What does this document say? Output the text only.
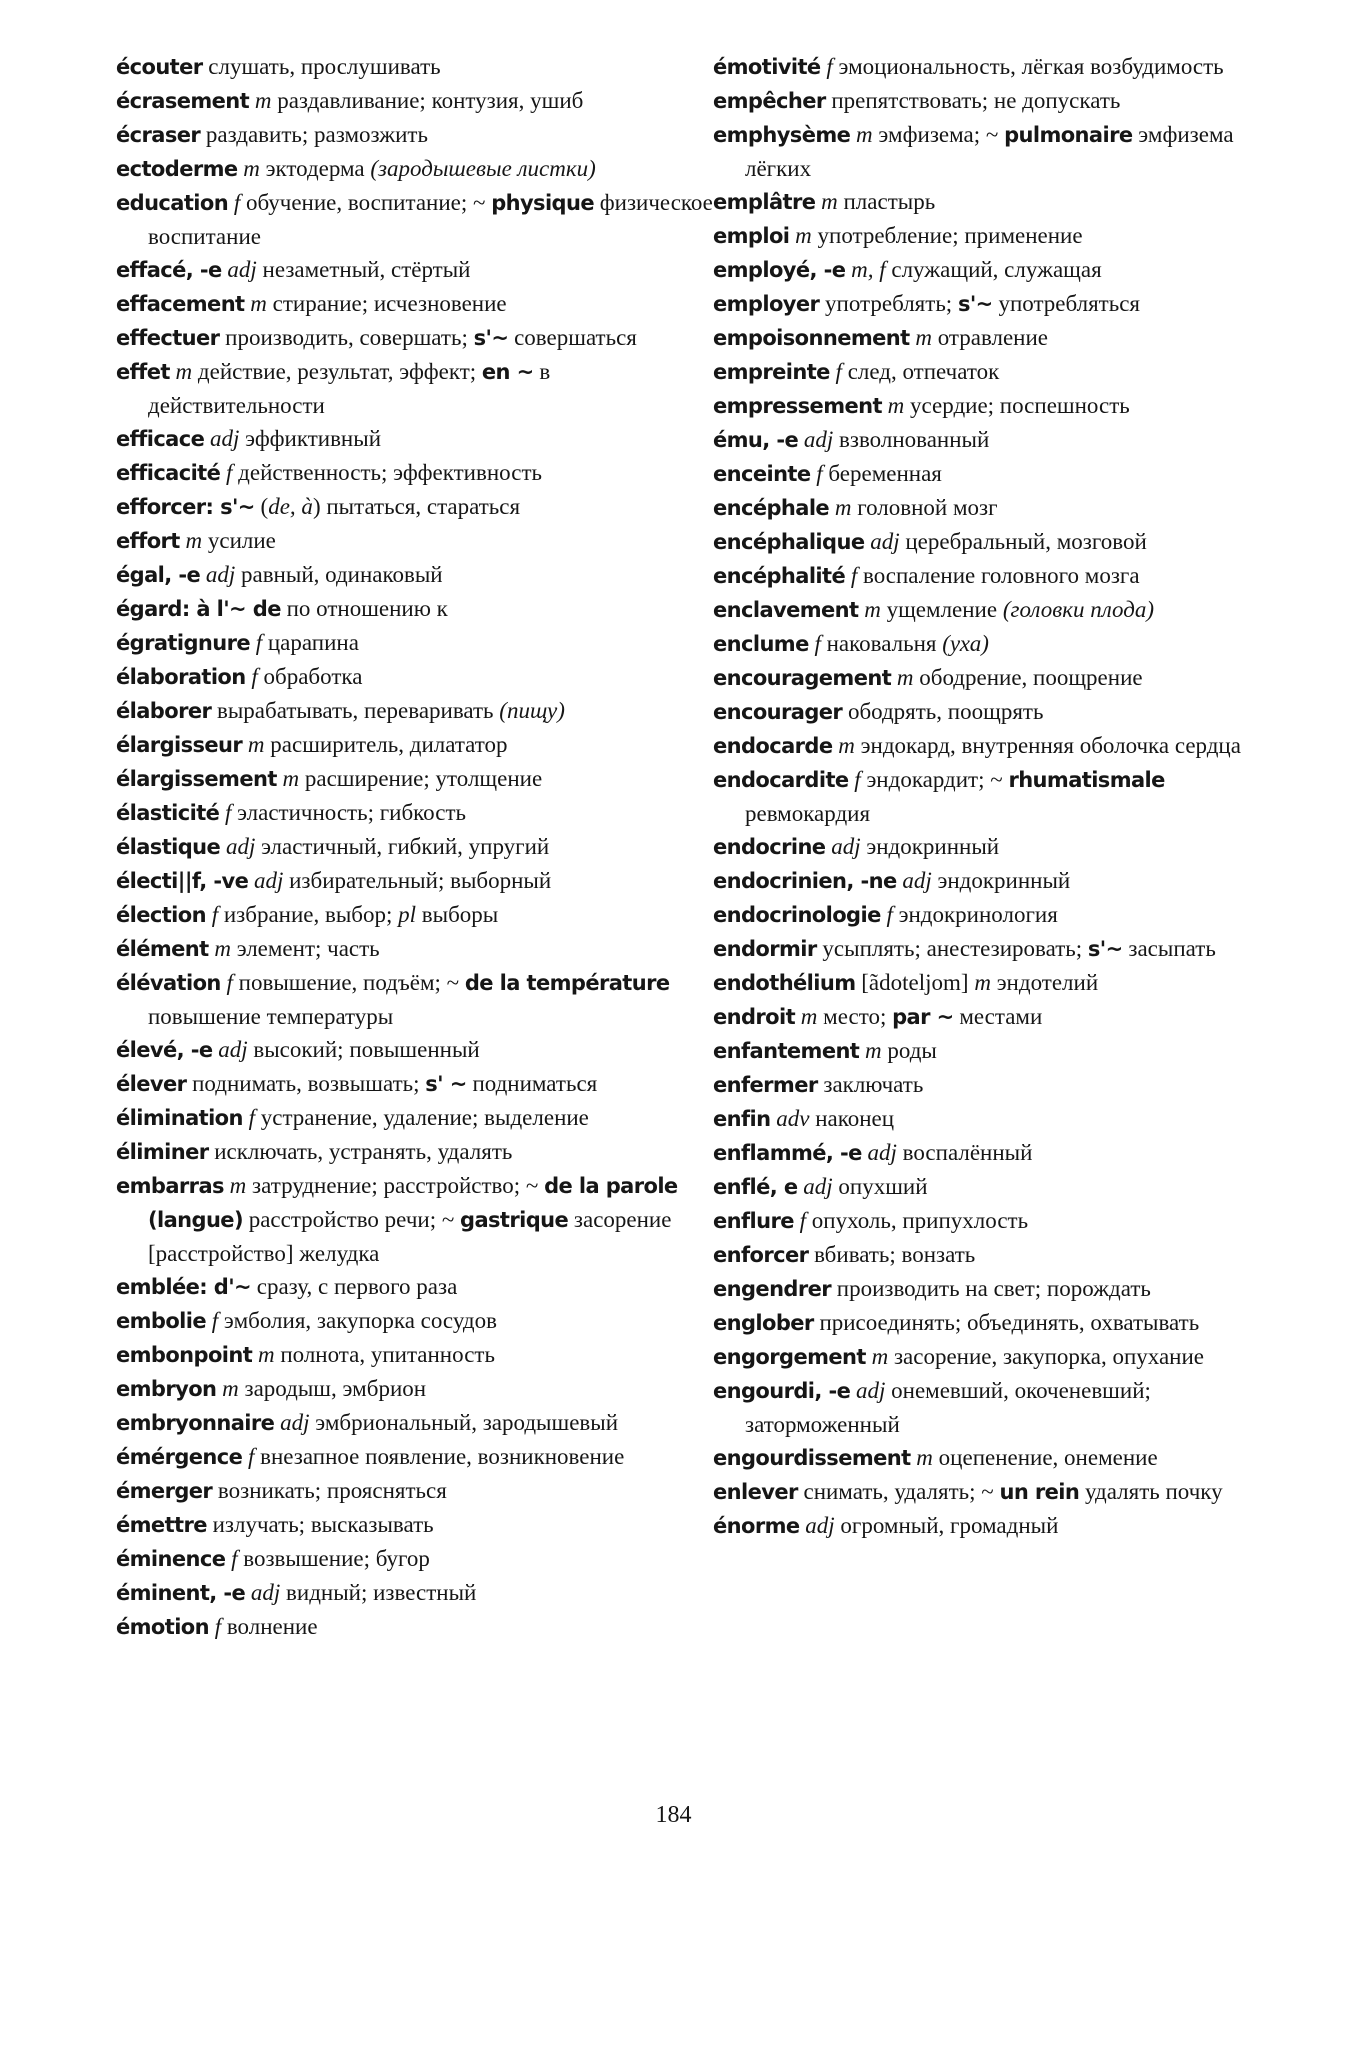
écouter слушать, прослушивать
écrasement m раздавливание; контузия, ушиб
écraser раздавить; размозжить
ectoderme m эктодерма (зародышевые листки)
education f обучение, воспитание; ~ physique физическое воспитание
effacé, -e adj незаметный, стёртый
effacement m стирание; исчезновение
effectuer производить, совершать; s'~ совершаться
effet m действие, результат, эффект; en ~ в действительности
efficace adj эффиктивный
efficacité f действенность; эффективность
efforcer: s'~ (de, à) пытаться, стараться
effort m усилие
égal, -e adj равный, одинаковый
égard: à l'~ de по отношению к
égratignure f царапина
élaboration f обработка
élaborer вырабатывать, переваривать (пищу)
élargisseur m расширитель, дилататор
élargissement m расширение; утолщение
élasticité f эластичность; гибкость
élastique adj эластичный, гибкий, упругий
électi||f, -ve adj избирательный; выборный
élection f избрание, выбор; pl выборы
élément m элемент; часть
élévation f повышение, подъём; ~ de la température повышение температуры
élevé, -e adj высокий; повышенный
élever поднимать, возвышать; s' ~ подниматься
élimination f устранение, удаление; выделение
éliminer исключать, устранять, удалять
embarras m затруднение; расстройство; ~ de la parole (langue) расстройство речи; ~ gastrique засорение [расстройство] желудка
emblée: d'~ сразу, с первого раза
embolie f эмболия, закупорка сосудов
embonpoint m полнота, упитанность
embryon m зародыш, эмбрион
embryonnaire adj эмбриональный, зародышевый
émérgence f внезапное появление, возникновение
émerger возникать; проясняться
émettre излучать; высказывать
éminence f возвышение; бугор
éminent, -e adj видный; известный
émotion f волнение
émotivité f эмоциональность, лёгкая возбудимость
empêcher препятствовать; не допускать
emphysème m эмфизема; ~ pulmonaire эмфизема лёгких
emplâtre m пластырь
emploi m употребление; применение
employé, -e m, f служащий, служащая
employer употреблять; s'~ употребляться
empoisonnement m отравление
empreinte f след, отпечаток
empressement m усердие; поспешность
ému, -e adj взволнованный
enceinte f беременная
encéphale m головной мозг
encéphalique adj церебральный, мозговой
encéphalité f воспаление головного мозга
enclavement m ущемление (головки плода)
enclume f наковальня (уха)
encouragement m ободрение, поощрение
encourager ободрять, поощрять
endocarde m эндокард, внутренняя оболочка сердца
endocardite f эндокардит; ~ rhumatismale ревмокардия
endocrine adj эндокринный
endocrinien, -ne adj эндокринный
endocrinologie f эндокринология
endormir усыплять; анестезировать; s'~ засыпать
endothélium [ãdoteljom] m эндотелий
endroit m место; par ~ местами
enfantement m роды
enfermer заключать
enfin adv наконец
enflammé, -e adj воспалённый
enflé, e adj опухший
enflure f опухоль, припухлость
enforcer вбивать; вонзать
engendrer производить на свет; порождать
englober присоединять; объединять, охватывать
engorgement m засорение, закупорка, опухание
engourdi, -e adj онемевший, окоченевший; заторможенный
engourdissement m оцепенение, онемение
enlever снимать, удалять; ~ un rein удалять почку
énorme adj огромный, громадный
184
